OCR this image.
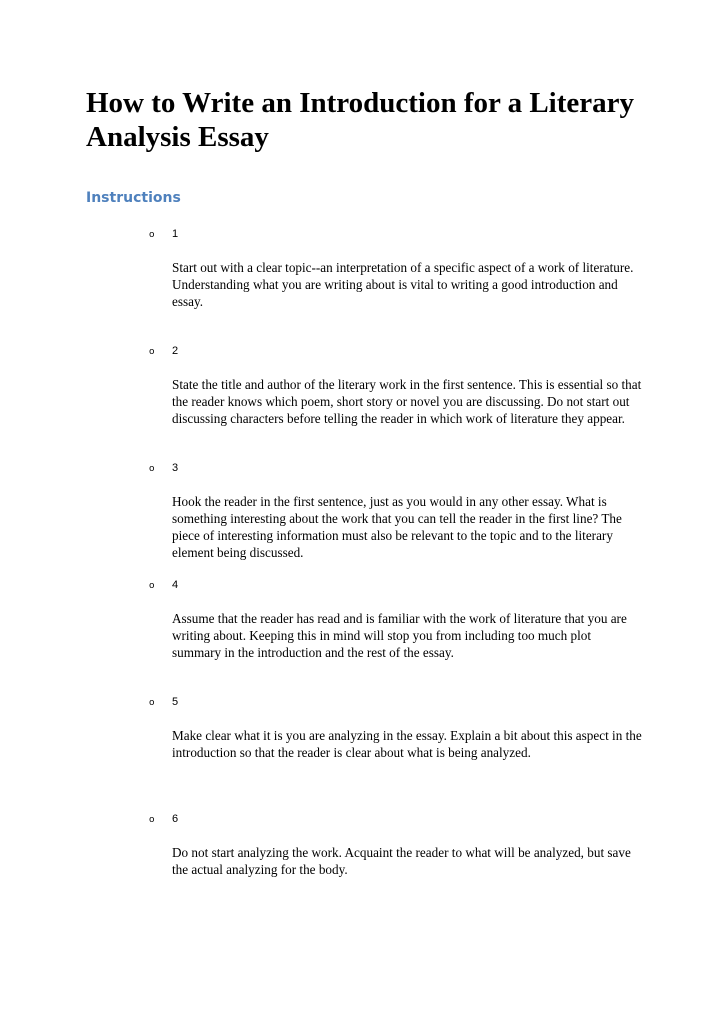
How to Write an Introduction for a Literary Analysis Essay
Instructions
o 1

Start out with a clear topic--an interpretation of a specific aspect of a work of literature. Understanding what you are writing about is vital to writing a good introduction and essay.

o 2

State the title and author of the literary work in the first sentence. This is essential so that the reader knows which poem, short story or novel you are discussing. Do not start out discussing characters before telling the reader in which work of literature they appear.

o 3

Hook the reader in the first sentence, just as you would in any other essay. What is something interesting about the work that you can tell the reader in the first line? The piece of interesting information must also be relevant to the topic and to the literary element being discussed.

o 4

Assume that the reader has read and is familiar with the work of literature that you are writing about. Keeping this in mind will stop you from including too much plot summary in the introduction and the rest of the essay.

o 5

Make clear what it is you are analyzing in the essay. Explain a bit about this aspect in the introduction so that the reader is clear about what is being analyzed.

o 6

Do not start analyzing the work. Acquaint the reader to what will be analyzed, but save the actual analyzing for the body.
